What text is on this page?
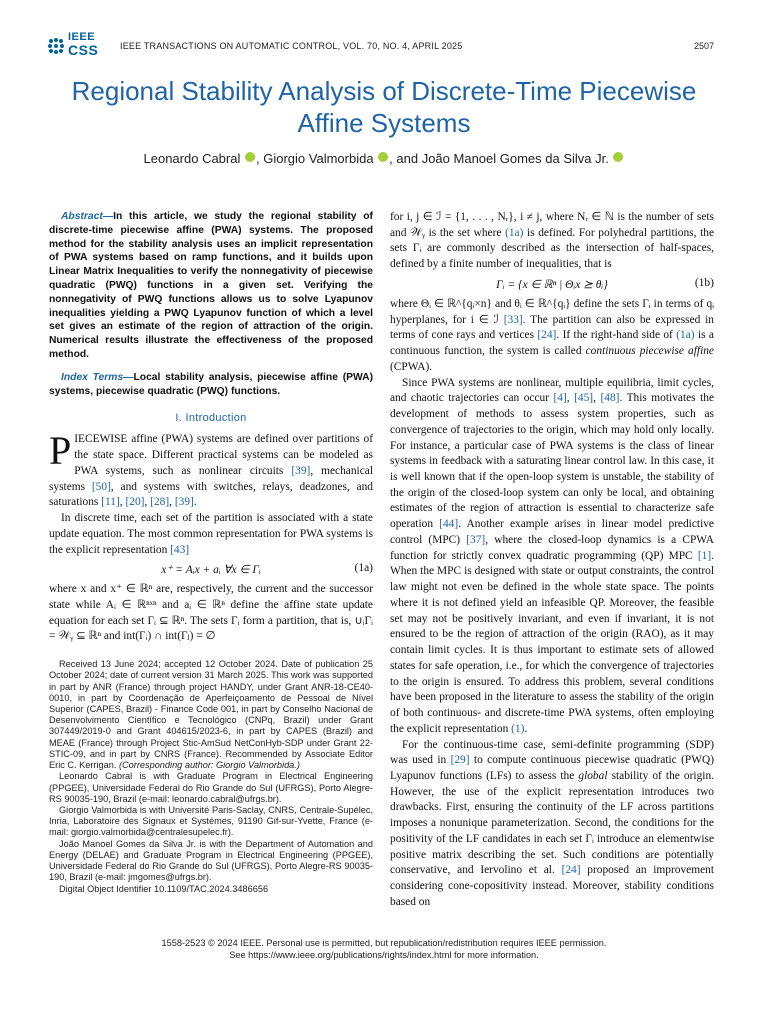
IEEE
CSS IEEE TRANSACTIONS ON AUTOMATIC CONTROL, VOL. 70, NO. 4, APRIL 2025	2507
Regional Stability Analysis of Discrete-Time Piecewise Affine Systems
Leonardo Cabral , Giorgio Valmorbida , and João Manoel Gomes da Silva Jr.

Abstract—In this article, we study the regional stability of discrete-time piecewise affine (PWA) systems. The proposed method for the stability analysis uses an implicit representation of PWA systems based on ramp functions, and it builds upon Linear Matrix Inequalities to verify the nonnegativity of piecewise quadratic (PWQ) functions in a given set. Verifying the nonnegativity of PWQ functions allows us to solve Lyapunov inequalities yielding a PWQ Lyapunov function of which a level set gives an estimate of the region of attraction of the origin. Numerical results illustrate the effectiveness of the proposed method.

Index Terms—Local stability analysis, piecewise affine (PWA) systems, piecewise quadratic (PWQ) functions.

I. Introduction

PIECEWISE affine (PWA) systems are defined over partitions of the state space. Different practical systems can be modeled as PWA systems, such as nonlinear circuits [39], mechanical systems [50], and systems with switches, relays, deadzones, and saturations [11], [20], [28], [39].

In discrete time, each set of the partition is associated with a state update equation. The most common representation for PWA systems is the explicit representation [43]

x⁺ = Aᵢx + aᵢ ∀x ∈ Γᵢ	(1a)

where x and x⁺ ∈ ℝⁿ are, respectively, the current and the successor state while Aᵢ ∈ ℝⁿˣⁿ and aᵢ ∈ ℝⁿ define the affine state update equation for each set Γᵢ ⊆ ℝⁿ. The sets Γᵢ form a partition, that is, ∪ᵢΓᵢ = 𝒲ᵧ ⊆ ℝⁿ and int(Γᵢ) ∩ int(Γⱼ) = ∅

Received 13 June 2024; accepted 12 October 2024. Date of publication 25 October 2024; date of current version 31 March 2025. This work was supported in part by ANR (France) through project HANDY, under Grant ANR-18-CE40-0010, in part by Coordenação de Aperfeiçoamento de Pessoal de Nível Superior (CAPES, Brazil) - Finance Code 001, in part by Conselho Nacional de Desenvolvimento Científico e Tecnológico (CNPq, Brazil) under Grant 307449/2019-0 and Grant 404615/2023-6, in part by CAPES (Brazil) and MEAE (France) through Project Stic-AmSud NetConHyb-SDP under Grant 22-STIC-09, and in part by CNRS (France). Recommended by Associate Editor Eric C. Kerrigan. (Corresponding author: Giorgio Valmorbida.)

Leonardo Cabral is with Graduate Program in Electrical Engineering (PPGEE), Universidade Federal do Rio Grande do Sul (UFRGS), Porto Alegre-RS 90035-190, Brazil (e-mail: leonardo.cabral@ufrgs.br).

Giorgio Valmorbida is with Université Paris-Saclay, CNRS, Centrale-Supélec, Inria, Laboratoire des Signaux et Systèmes, 91190 Gif-sur-Yvette, France (e-mail: giorgio.valmorbida@centralesupelec.fr).

João Manoel Gomes da Silva Jr. is with the Department of Automation and Energy (DELAE) and Graduate Program in Electrical Engineering (PPGEE), Universidade Federal do Rio Grande do Sul (UFRGS), Porto Alegre-RS 90035-190, Brazil (e-mail: jmgomes@ufrgs.br).

Digital Object Identifier 10.1109/TAC.2024.3486656

for i, j ∈ ℐ = {1, . . . , Nᵣ}, i ≠ j, where Nᵣ ∈ ℕ is the number of sets and 𝒲ᵧ is the set where (1a) is defined. For polyhedral partitions, the sets Γᵢ are commonly described as the intersection of half-spaces, defined by a finite number of inequalities, that is

Γᵢ = {x ∈ ℝⁿ | Θᵢx ⪰ θᵢ}	(1b)

where Θᵢ ∈ ℝ^{qᵢ×n} and θᵢ ∈ ℝ^{qᵢ} define the sets Γᵢ in terms of qᵢ hyperplanes, for i ∈ ℐ [33]. The partition can also be expressed in terms of cone rays and vertices [24]. If the right-hand side of (1a) is a continuous function, the system is called continuous piecewise affine (CPWA).

Since PWA systems are nonlinear, multiple equilibria, limit cycles, and chaotic trajectories can occur [4], [45], [48]. This motivates the development of methods to assess system properties, such as convergence of trajectories to the origin, which may hold only locally. For instance, a particular case of PWA systems is the class of linear systems in feedback with a saturating linear control law. In this case, it is well known that if the open-loop system is unstable, the stability of the origin of the closed-loop system can only be local, and obtaining estimates of the region of attraction is essential to characterize safe operation [44]. Another example arises in linear model predictive control (MPC) [37], where the closed-loop dynamics is a CPWA function for strictly convex quadratic programming (QP) MPC [1]. When the MPC is designed with state or output constraints, the control law might not even be defined in the whole state space. The points where it is not defined yield an infeasible QP. Moreover, the feasible set may not be positively invariant, and even if invariant, it is not ensured to be the region of attraction of the origin (RAO), as it may contain limit cycles. It is thus important to estimate sets of allowed states for safe operation, i.e., for which the convergence of trajectories to the origin is ensured. To address this problem, several conditions have been proposed in the literature to assess the stability of the origin of both continuous- and discrete-time PWA systems, often employing the explicit representation (1).

For the continuous-time case, semi-definite programming (SDP) was used in [29] to compute continuous piecewise quadratic (PWQ) Lyapunov functions (LFs) to assess the global stability of the origin. However, the use of the explicit representation introduces two drawbacks. First, ensuring the continuity of the LF across partitions imposes a nonunique parameterization. Second, the conditions for the positivity of the LF candidates in each set Γᵢ introduce an elementwise positive matrix describing the set. Such conditions are potentially conservative, and Iervolino et al. [24] proposed an improvement considering cone-copositivity instead. Moreover, stability conditions based on

1558-2523 © 2024 IEEE. Personal use is permitted, but republication/redistribution requires IEEE permission.
See https://www.ieee.org/publications/rights/index.html for more information.
